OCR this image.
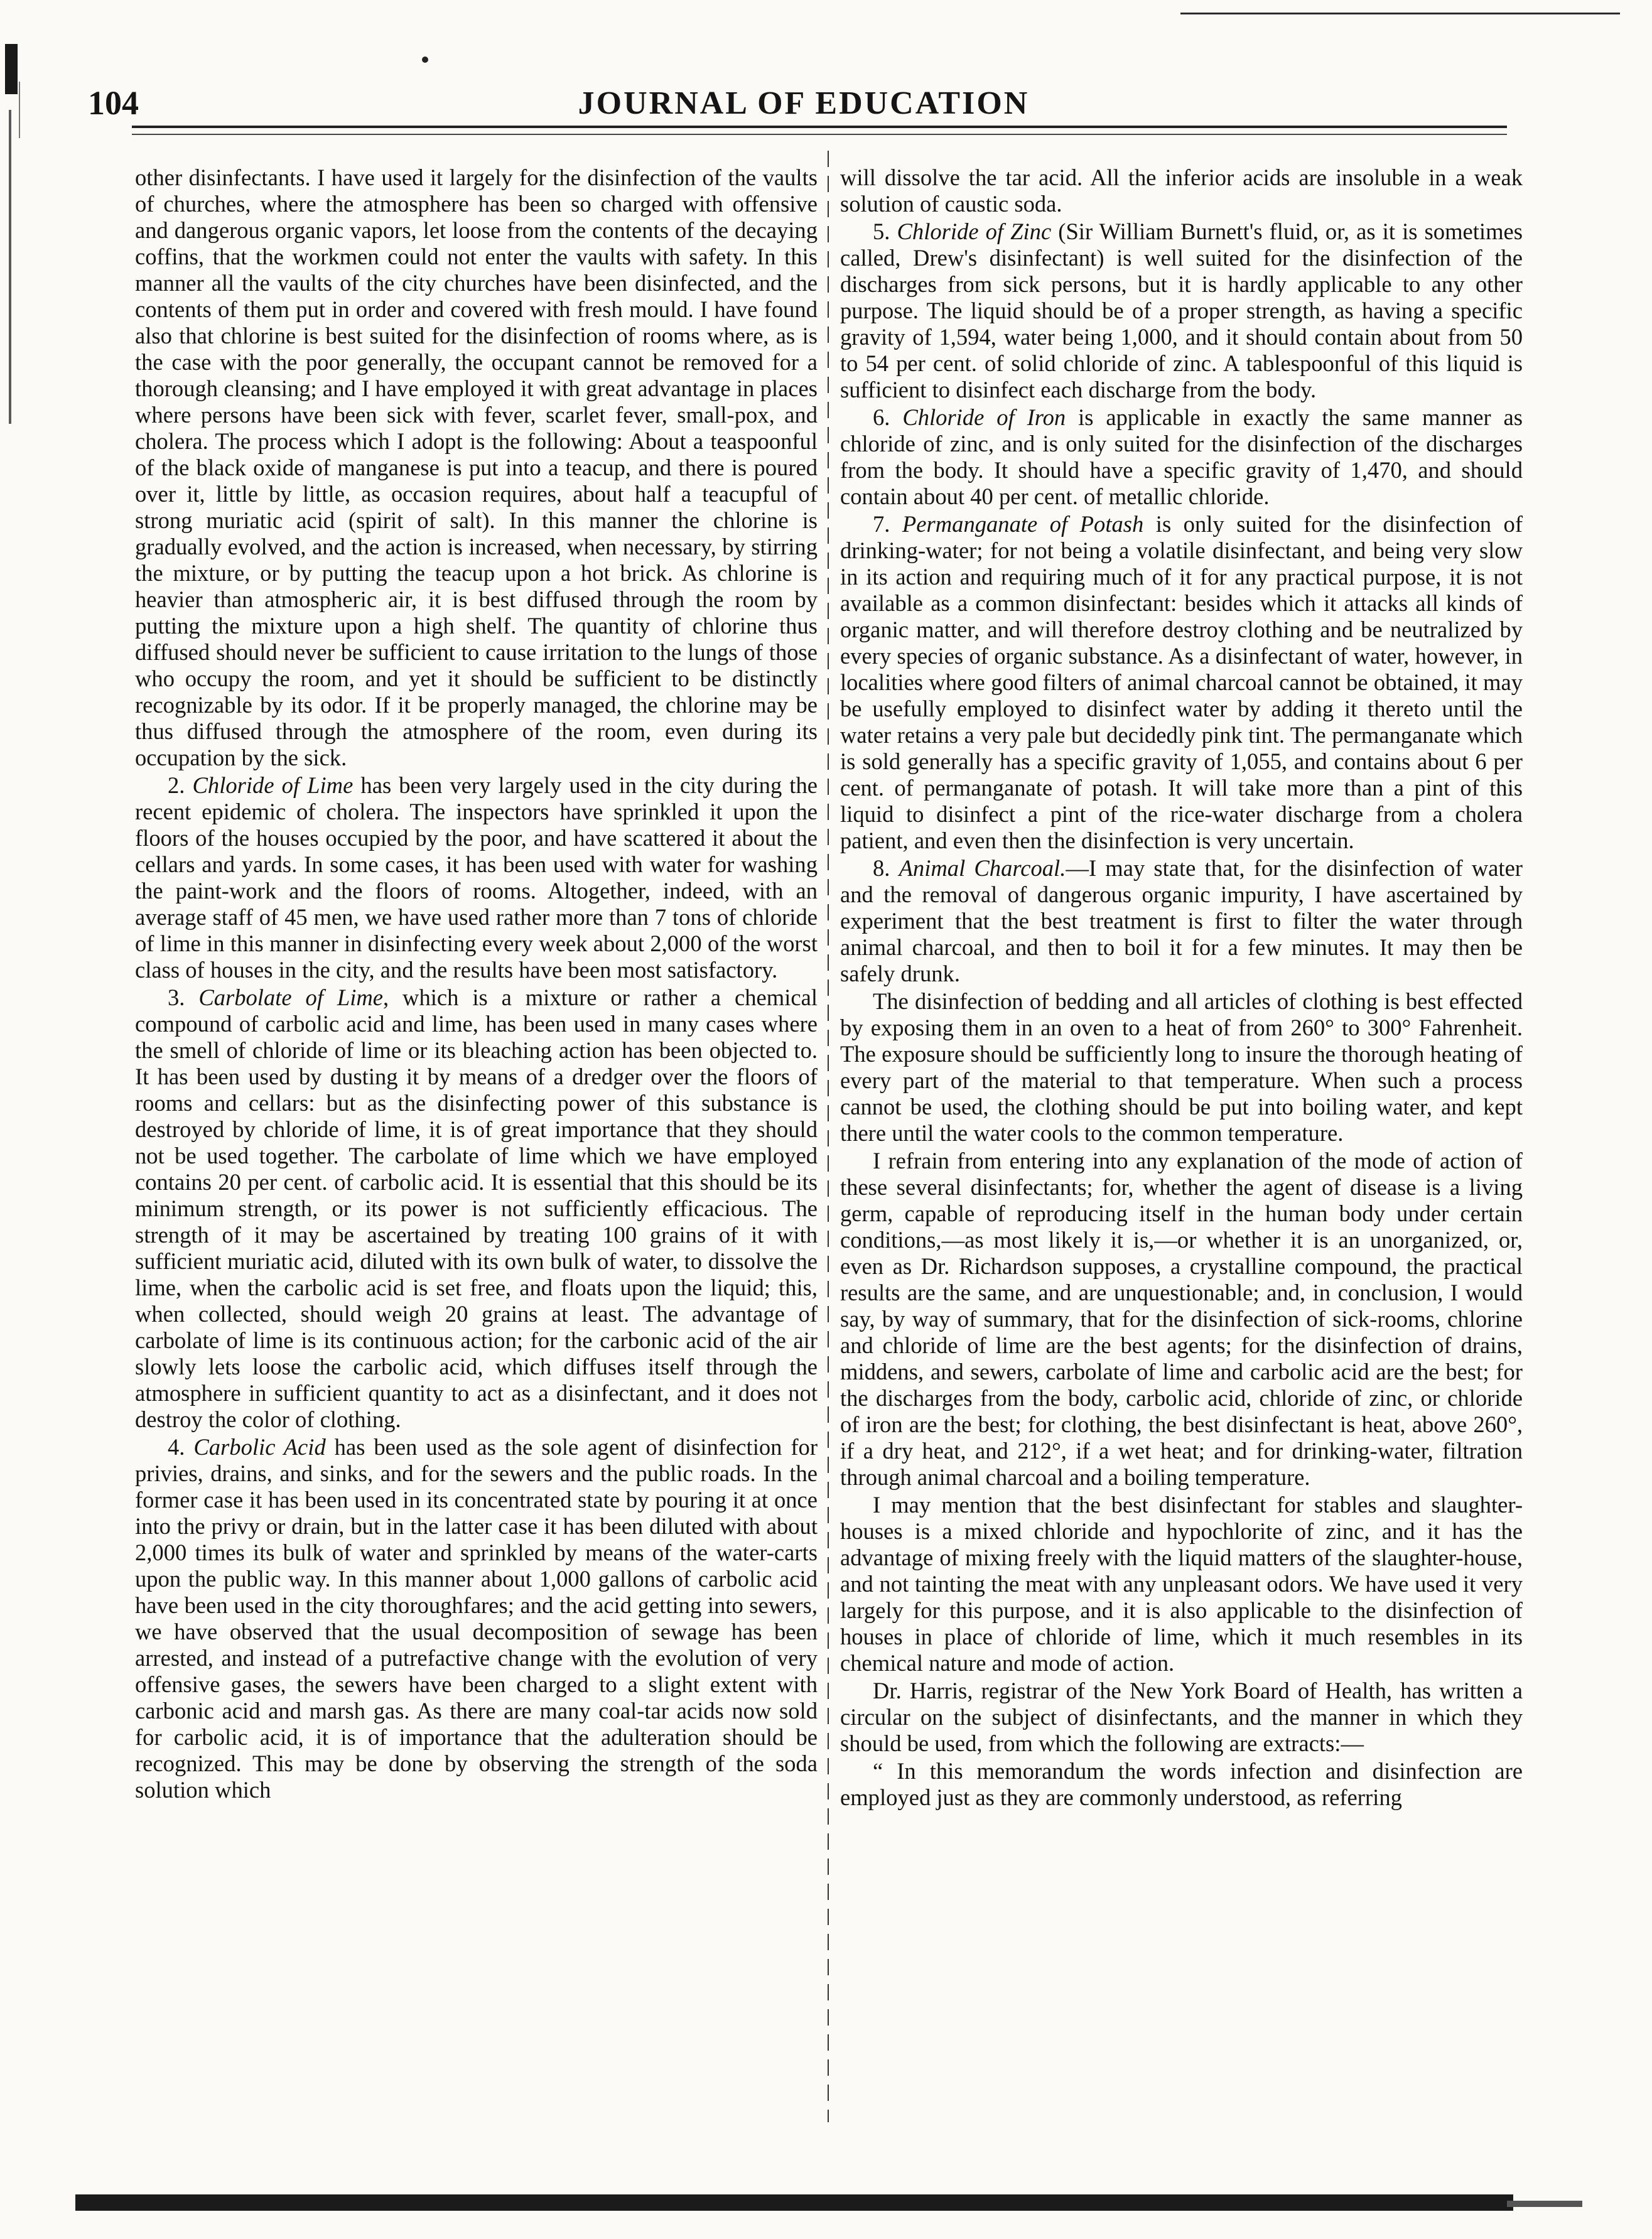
104	JOURNAL OF EDUCATION

other disinfectants. I have used it largely for the disinfection of the vaults of churches, where the atmosphere has been so charged with offensive and dangerous organic vapors, let loose from the contents of the decaying coffins, that the workmen could not enter the vaults with safety. In this manner all the vaults of the city churches have been disinfected, and the contents of them put in order and covered with fresh mould. I have found also that chlorine is best suited for the disinfection of rooms where, as is the case with the poor generally, the occupant cannot be removed for a thorough cleansing; and I have employed it with great advantage in places where persons have been sick with fever, scarlet fever, small-pox, and cholera. The process which I adopt is the following: About a teaspoonful of the black oxide of manganese is put into a teacup, and there is poured over it, little by little, as occasion requires, about half a teacupful of strong muriatic acid (spirit of salt). In this manner the chlorine is gradually evolved, and the action is increased, when necessary, by stirring the mixture, or by putting the teacup upon a hot brick. As chlorine is heavier than atmospheric air, it is best diffused through the room by putting the mixture upon a high shelf. The quantity of chlorine thus diffused should never be sufficient to cause irritation to the lungs of those who occupy the room, and yet it should be sufficient to be distinctly recognizable by its odor. If it be properly managed, the chlorine may be thus diffused through the atmosphere of the room, even during its occupation by the sick.

2. Chloride of Lime has been very largely used in the city during the recent epidemic of cholera. The inspectors have sprinkled it upon the floors of the houses occupied by the poor, and have scattered it about the cellars and yards. In some cases, it has been used with water for washing the paint-work and the floors of rooms. Altogether, indeed, with an average staff of 45 men, we have used rather more than 7 tons of chloride of lime in this manner in disinfecting every week about 2,000 of the worst class of houses in the city, and the results have been most satisfactory.

3. Carbolate of Lime, which is a mixture or rather a chemical compound of carbolic acid and lime, has been used in many cases where the smell of chloride of lime or its bleaching action has been objected to. It has been used by dusting it by means of a dredger over the floors of rooms and cellars: but as the disinfecting power of this substance is destroyed by chloride of lime, it is of great importance that they should not be used together. The carbolate of lime which we have employed contains 20 per cent. of carbolic acid. It is essential that this should be its minimum strength, or its power is not sufficiently efficacious. The strength of it may be ascertained by treating 100 grains of it with sufficient muriatic acid, diluted with its own bulk of water, to dissolve the lime, when the carbolic acid is set free, and floats upon the liquid; this, when collected, should weigh 20 grains at least. The advantage of carbolate of lime is its continuous action; for the carbonic acid of the air slowly lets loose the carbolic acid, which diffuses itself through the atmosphere in sufficient quantity to act as a disinfectant, and it does not destroy the color of clothing.

4. Carbolic Acid has been used as the sole agent of disinfection for privies, drains, and sinks, and for the sewers and the public roads. In the former case it has been used in its concentrated state by pouring it at once into the privy or drain, but in the latter case it has been diluted with about 2,000 times its bulk of water and sprinkled by means of the water-carts upon the public way. In this manner about 1,000 gallons of carbolic acid have been used in the city thoroughfares; and the acid getting into sewers, we have observed that the usual decomposition of sewage has been arrested, and instead of a putrefactive change with the evolution of very offensive gases, the sewers have been charged to a slight extent with carbonic acid and marsh gas. As there are many coal-tar acids now sold for carbolic acid, it is of importance that the adulteration should be recognized. This may be done by observing the strength of the soda solution which

will dissolve the tar acid. All the inferior acids are insoluble in a weak solution of caustic soda.

5. Chloride of Zinc (Sir William Burnett's fluid, or, as it is sometimes called, Drew's disinfectant) is well suited for the disinfection of the discharges from sick persons, but it is hardly applicable to any other purpose. The liquid should be of a proper strength, as having a specific gravity of 1,594, water being 1,000, and it should contain about from 50 to 54 per cent. of solid chloride of zinc. A tablespoonful of this liquid is sufficient to disinfect each discharge from the body.

6. Chloride of Iron is applicable in exactly the same manner as chloride of zinc, and is only suited for the disinfection of the discharges from the body. It should have a specific gravity of 1,470, and should contain about 40 per cent. of metallic chloride.

7. Permanganate of Potash is only suited for the disinfection of drinking-water; for not being a volatile disinfectant, and being very slow in its action and requiring much of it for any practical purpose, it is not available as a common disinfectant: besides which it attacks all kinds of organic matter, and will therefore destroy clothing and be neutralized by every species of organic substance. As a disinfectant of water, however, in localities where good filters of animal charcoal cannot be obtained, it may be usefully employed to disinfect water by adding it thereto until the water retains a very pale but decidedly pink tint. The permanganate which is sold generally has a specific gravity of 1,055, and contains about 6 per cent. of permanganate of potash. It will take more than a pint of this liquid to disinfect a pint of the rice-water discharge from a cholera patient, and even then the disinfection is very uncertain.

8. Animal Charcoal.—I may state that, for the disinfection of water and the removal of dangerous organic impurity, I have ascertained by experiment that the best treatment is first to filter the water through animal charcoal, and then to boil it for a few minutes. It may then be safely drunk.

The disinfection of bedding and all articles of clothing is best effected by exposing them in an oven to a heat of from 260° to 300° Fahrenheit. The exposure should be sufficiently long to insure the thorough heating of every part of the material to that temperature. When such a process cannot be used, the clothing should be put into boiling water, and kept there until the water cools to the common temperature.

I refrain from entering into any explanation of the mode of action of these several disinfectants; for, whether the agent of disease is a living germ, capable of reproducing itself in the human body under certain conditions,—as most likely it is,—or whether it is an unorganized, or, even as Dr. Richardson supposes, a crystalline compound, the practical results are the same, and are unquestionable; and, in conclusion, I would say, by way of summary, that for the disinfection of sick-rooms, chlorine and chloride of lime are the best agents; for the disinfection of drains, middens, and sewers, carbolate of lime and carbolic acid are the best; for the discharges from the body, carbolic acid, chloride of zinc, or chloride of iron are the best; for clothing, the best disinfectant is heat, above 260°, if a dry heat, and 212°, if a wet heat; and for drinking-water, filtration through animal charcoal and a boiling temperature.

I may mention that the best disinfectant for stables and slaughter-houses is a mixed chloride and hypochlorite of zinc, and it has the advantage of mixing freely with the liquid matters of the slaughter-house, and not tainting the meat with any unpleasant odors. We have used it very largely for this purpose, and it is also applicable to the disinfection of houses in place of chloride of lime, which it much resembles in its chemical nature and mode of action.

Dr. Harris, registrar of the New York Board of Health, has written a circular on the subject of disinfectants, and the manner in which they should be used, from which the following are extracts:—

“ In this memorandum the words infection and disinfection are employed just as they are commonly understood, as referring
